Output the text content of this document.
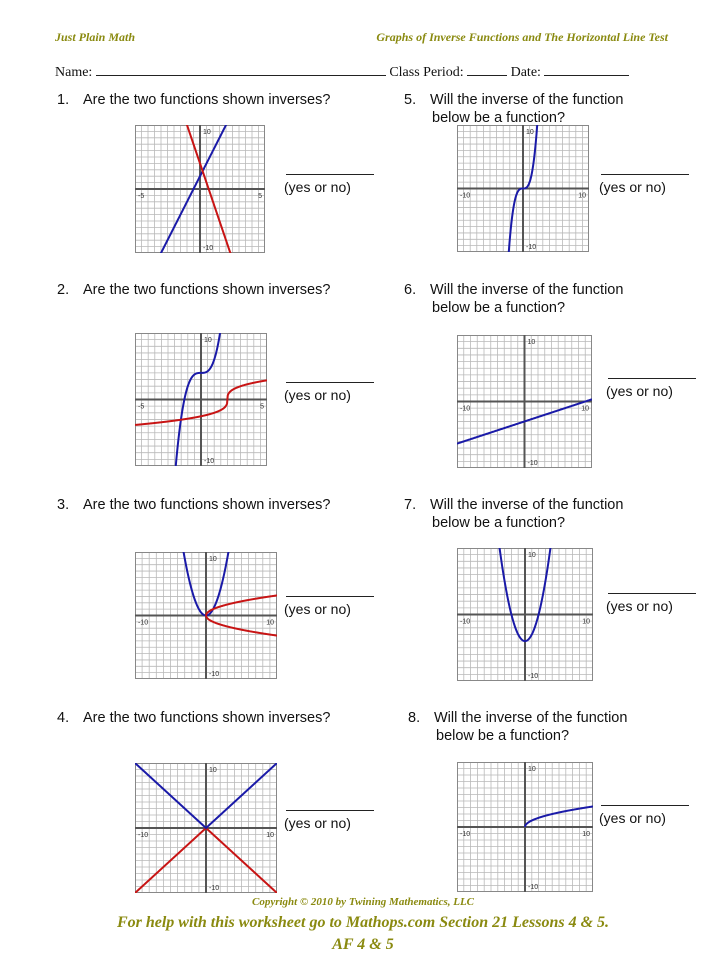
Just Plain Math	Graphs of Inverse Functions and The Horizontal Line Test
Name:	Class Period:	Date:
1. Are the two functions shown inverses?
2. Are the two functions shown inverses?
3. Are the two functions shown inverses?
4. Are the two functions shown inverses?
5. Will the inverse of the function
below be a function?
6. Will the inverse of the function
below be a function?
7. Will the inverse of the function
below be a function?
8. Will the inverse of the function
below be a function?
-5	5
10
-10
-5	5
10
-10
-10	10
-10
10
-10	10
-10
10
-10	10
-10
10
-10	10
-10
10
-10	10
-10
10
-10	10
-10
10
(yes or no)
(yes or no)
(yes or no)
(yes or no)
(yes or no)
(yes or no)
(yes or no)
(yes or no)
Copyright © 2010 by Twining Mathematics, LLC
For help with this worksheet go to Mathops.com Section 21 Lessons 4 & 5.
AF 4 & 5
